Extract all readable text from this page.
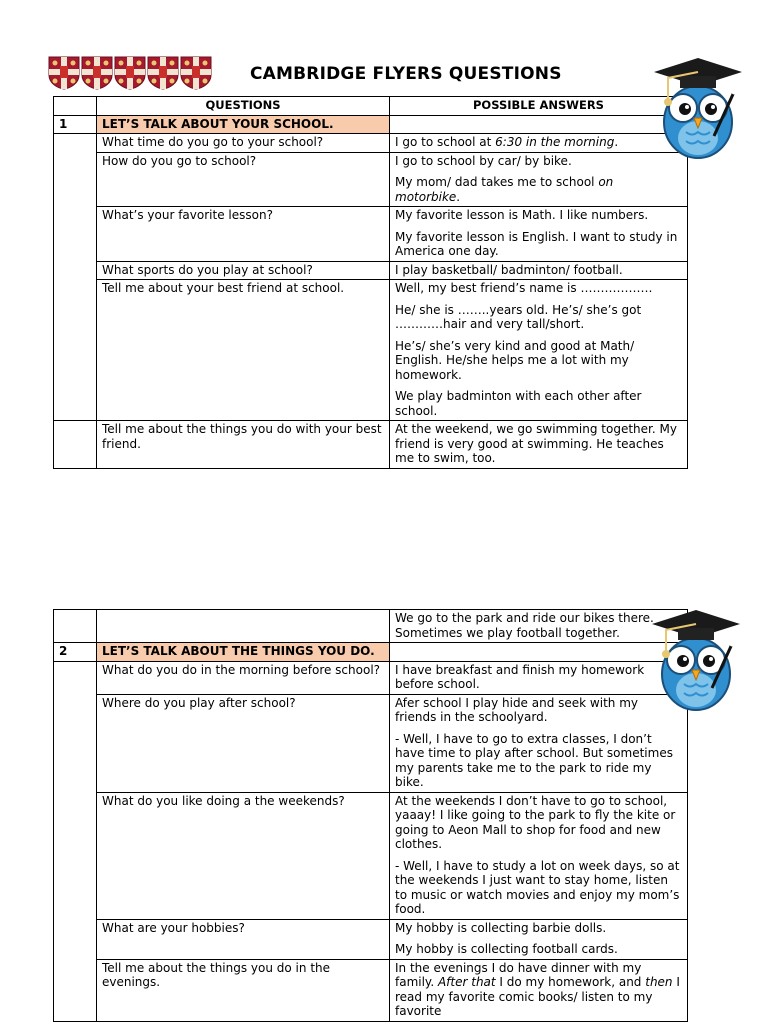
CAMBRIDGE FLYERS QUESTIONS
	QUESTIONS	POSSIBLE ANSWERS
1	LET’S TALK ABOUT YOUR SCHOOL.	
	What time do you go to your school?	I go to school at 6:30 in the morning.

	How do you go to school?	I go to school by car/ by bike.

My mom/ dad takes me to school on motorbike.

	What’s your favorite lesson?	My favorite lesson is Math. I like numbers.

My favorite lesson is English. I want to study in America one day.

	What sports do you play at school?	I play basketball/ badminton/ football.

	Tell me about your best friend at school.	Well, my best friend’s name is ………………

He/ she is ……..years old. He’s/ she’s got …………hair and very tall/short.

He’s/ she’s very kind and good at Math/ English. He/she helps me a lot with my homework.

We play badminton with each other after school.

	Tell me about the things you do with your best friend.	At the weekend, we go swimming together. My friend is very good at swimming. He teaches me to swim, too.

		We go to the park and ride our bikes there. Sometimes we play football together.

2	LET’S TALK ABOUT THE THINGS YOU DO.	
	What do you do in the morning before school?	I have breakfast and finish my homework before school.

	Where do you play after school?	Afer school I play hide and seek with my friends in the schoolyard.

- Well, I have to go to extra classes, I don’t have time to play after school. But sometimes my parents take me to the park to ride my bike.

	What do you like doing a the weekends?	At the weekends I don’t have to go to school, yaaay! I like going to the park to fly the kite or going to Aeon Mall to shop for food and new clothes.

- Well, I have to study a lot on week days, so at the weekends I just want to stay home, listen to music or watch movies and enjoy my mom’s food.

	What are your hobbies?	My hobby is collecting barbie dolls.

My hobby is collecting football cards.

	Tell me about the things you do in the evenings.	In the evenings I do have dinner with my family. After that I do my homework, and then I read my favorite comic books/ listen to my favorite
